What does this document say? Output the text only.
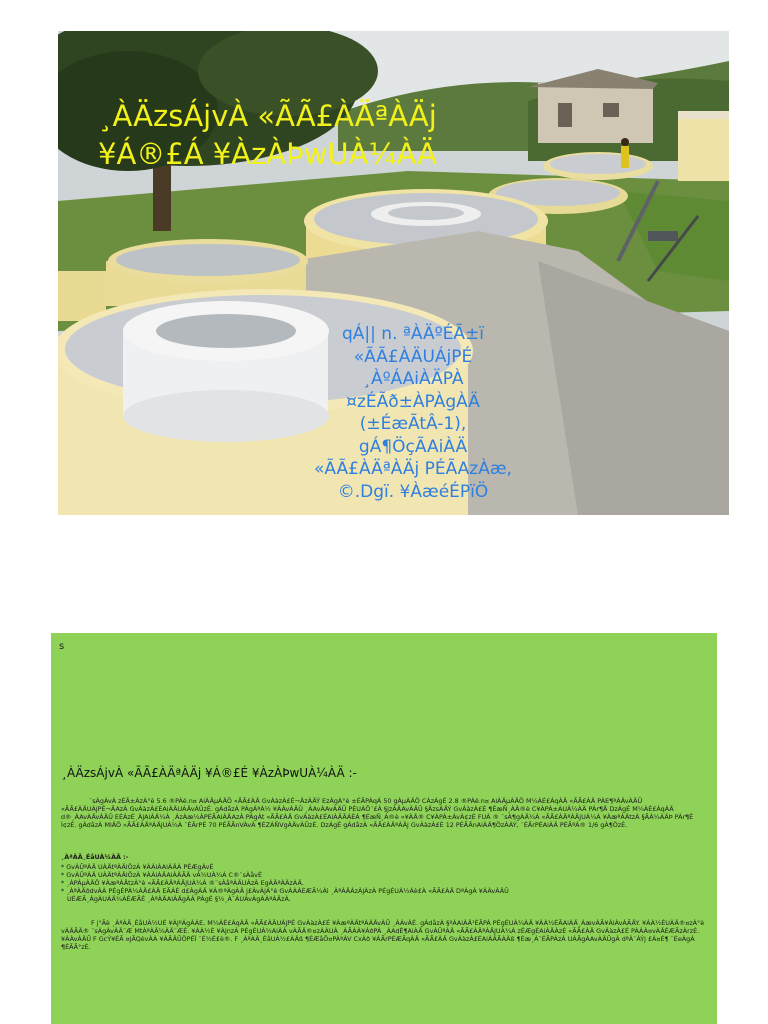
¸ÀÄzsÁjvÀ «ÃÃ£ÀÄªÀÄj
¥Á®£Á ¥ÀzÀÞwUÀ¼ÀÄ
qÁ|| n. ªÀÄºÉÃ±ï
«ÃÃ£ÀÄUÁjPÉ
¸ÀºÁAiÀÄPÀ
¤zÉÃð±ÀPÀgÀÄ
(±ÉæÃtÂ-1),
gÁ¶ÖçÃAiÀÄ
«ÃÃ£ÀÄªÀÄj PÉÃAzÀæ,
©.Dgï. ¥ÀæéÉPïÖ
s
¸ÀÄzsÁjvÀ «ÃÃ£ÀÄªÀÄj ¥Á®£É ¥ÀzÀÞwUÀ¼ÀÄ :-
¨sÁgÀvÀ zÉÃ±ÀzÀ°è 5.6 ®PÀë.n¤ AiÀÄµÀÄÖ «ÃÃ£ÀÄ GvÁàzÀ£É¬ÄzÀÄÝ EzÀgÀ°è ±ÉÃPÀqÁ 50 gÀµÀÄÖ CÀzÁgÉ 2.8 ®PÀë.n¤ AiÀÄµÀÄÖ M¼ÀÉ£ÁqÀÄ «ÃÃ£ÀÄ PÀE¶ªÀÄvÀÄÛ «ÃÃ£ÀÄUÁjPÉ¬ÄAzÀ GvÁàzÀ£ÉAiÀÄUÀÄvÀÛzÉ. gÁdåzÀ PÀgÁªÀ½ ¥ÀÀvÀÄÛ ¸ÀAvÀAvÀÄÛ PÉUÁÕ¨£À §jzÀÄAvÀÄÛ §ÄzsÀÄÝ GvÁàzÀ£É ¶ÉæÑ¸ÀÄ®è C¥ÀPÀ±ÀUÀ¼ÀÄ PÀr¶Ä DzÁgÉ M¼ÀÉ£ÁqÀÄ d®¸ÀAvÀÄvÀÄÛ EÉÁzÉ¸ÀjAiÀÄ¼À ¸ÁzÀæ¼ÀPÉÃAiÀÄAzÀ PÀgÀt «ÃÃ£ÀÄ GvÁàzÀ£ÉAiÀÄÃÁÉÁ ¶ÉæÑ¸À®è «¥ÀÄ® C¥ÀPÀ±ÀvÀ¢zÉ FUÀ ® ¨sÁ¶gÀÄ¼À «ÃÃ£ÀÄªÀÄjUÀ¼À ¥ÀæªÀÄtzÀ §ÃÀ¼ÀÄÞ PÀr¶É Ì¢zÉ. gÁdåzÀ MlÄÖ «ÃÃ£ÀÄªÀÄjUÀ¼À ¨ÉÃrPÉ 70 PÉÃÃnVÀvÀ ¶ÉZÁÑVgÀÄvÀÛzÉ. DzÁgÉ gÁdåzÀ «ÃÃ£ÀÄªÀÄj GvÁàzÀ£É 12 PÉÃÃnAiÀÄ¶ÖzÀÀÝ, ¨ÉÃrPÉAiÀÄ PÉÃªÀ® 1/6 gÀ¶ÖzÉ.
¸ÀªÀÄ¸ÉåUÀ¼ÀÄ :-
* GvÀÛªÀÄ UÀÄtªÀÄlÖzÀ ¥ÀÀiÀAiÀÄÁ PÉÆgÀvÉ
* GvÀÛªÀÄ UÀÄtªÀÄlÖzÀ ¥ÀÀiÀÄAiÀÄÃÄ vÀ½UÀ¼À C®¨sÀåvÉ
* ¸ÀPÁµÀÄÖ ¥ÀæªÀÄtzÀ°è «ÃÃ£ÀÄªÀÄjUÀ¼À ®¨sÀåªÀÄUÀzÀ EgÀÄªÀÄzÀÄ.
* ¸ÀªÀÄðdvÀÀ PÉgÉPÀ¼ÀÄ£ÀÄ EÃÁÉ d£ÀgÀÄ ¥À®ªÀgÀÄ j£ÀvÀjÁ°è GvÀÀÀÉÆÃ¼Àì ¸ÀªÀÄÀzÀjÀzÀ PÉgÉUÀ½Áè£À «ÃÃ£ÀÄ DªÀgÀ ¥ÀÀvÀÄÛ
UÉÆÃ¸ÀgÀUÀÄ¼ÀÉÆÃÉ ¸ÀªÀÄAiÀÄgÀÀ PÀgÉ §½¸À¯ÁUÀvÀgÀÀªÀÄzÀ.
F j°Ãè ¸ÀªÀÄ¸ÉåUÀ½UÉ ¥ÀjºÁgÀÁE, M¼ÀÉ£ÁqÀÄ «ÃÃ£ÀÄUÁjPÉ GvÁàzÀ£É ¥ÀæªÀÄtªÀÀÄvÀÛ ¸ÀÁvÀÉ. gÁdåzÀ §ºÀAiÀÄ¹ÉÃPÀ PÉgÉUÀ¼ÀÄ ¥ÀÀ½ÉÃAiÀÄ¸ÀævÀÃ¥ÀlÀvÀÃÄY. ¥ÀÀ½ÉUÀÄ®¤zÀ°è vÀÄÃÄ® ¨sÁgÀvÀÄ¨Æ MtÀªÀÄ¼ÀÄ¨ÆÉ. ¥ÀÀ½É ¥ÀjnzÀ PÉgÉUÀ½AiÀÀ vÀÃÄ®¤zÀÀUÀ ¸ÀÃÀÀ¥ÀðPÀ ¸ÀAdÉ¶AiÀÄ GvÀÛªÀÄ «ÃÃ£ÀÄªÀÄjUÀ¼À zÉÆgÉAiÀÄÀzÉ «ÃÃ£ÀÄ GvÁàzÀ£É PÀÀÀ¤vÀÄÉÆÃzÀrzÉ. ¥ÀÀvÀÄÛ F GcÝ¥ÉÃ ¤jÃQèvÀÀ ¥ÀÃÄÛÖPÉÏ ¨É½É£è®. F ¸ÀªÀÄ¸ÉåUÀ½£ÀÄß ¶ÉÆåÕ¤PÀªÀV CxÀð ¥ÀÃrPÉÆÃqÀÄ «ÃÃ£ÀÄ GvÁàzÀ£ÉAiÀÄÃÀÄß ¶Éæ¸À¨ÉÃPÁzÀ UÀÃgÀAvÀÄÛgÀ dªÀ¨ÁÝj £À¤É¶ ¨ÉeÁgÀ ¶ÉÃÃ°zÉ.
